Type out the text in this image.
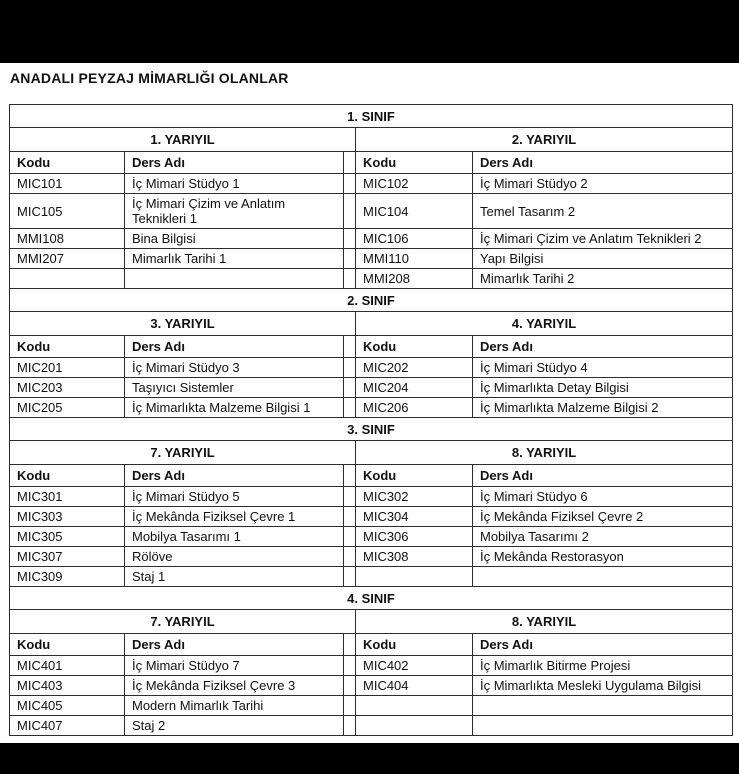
ANADALI PEYZAJ MİMARLIĞI OLANLAR
1. SINIF				
1. YARIYIL			2. YARIYIL	
Kodu	Ders Adı		Kodu	Ders Adı
MIC101	İç Mimari Stüdyo 1		MIC102	İç Mimari Stüdyo 2
MIC105	İç Mimari Çizim ve Anlatım Teknikleri 1		MIC104	Temel Tasarım 2
MMI108	Bina Bilgisi		MIC106	İç Mimari Çizim ve Anlatım Teknikleri 2
MMI207	Mimarlık Tarihi 1		MMI110	Yapı Bilgisi
			MMI208	Mimarlık Tarihi 2
2. SINIF				
3. YARIYIL			4. YARIYIL	
Kodu	Ders Adı		Kodu	Ders Adı
MIC201	İç Mimari Stüdyo 3		MIC202	İç Mimari Stüdyo 4
MIC203	Taşıyıcı Sistemler		MIC204	İç Mimarlıkta Detay Bilgisi
MIC205	İç Mimarlıkta Malzeme Bilgisi 1		MIC206	İç Mimarlıkta Malzeme Bilgisi 2
3. SINIF				
7. YARIYIL			8. YARIYIL	
Kodu	Ders Adı		Kodu	Ders Adı
MIC301	İç Mimari Stüdyo 5		MIC302	İç Mimari Stüdyo 6
MIC303	İç Mekânda Fiziksel Çevre 1		MIC304	İç Mekânda Fiziksel Çevre 2
MIC305	Mobilya Tasarımı 1		MIC306	Mobilya Tasarımı 2
MIC307	Rölöve		MIC308	İç Mekânda Restorasyon
MIC309	Staj 1			
4. SINIF				
7. YARIYIL			8. YARIYIL	
Kodu	Ders Adı		Kodu	Ders Adı
MIC401	İç Mimari Stüdyo 7		MIC402	İç Mimarlık Bitirme Projesi
MIC403	İç Mekânda Fiziksel Çevre 3		MIC404	İç Mimarlıkta Mesleki Uygulama Bilgisi
MIC405	Modern Mimarlık Tarihi			
MIC407	Staj 2			
